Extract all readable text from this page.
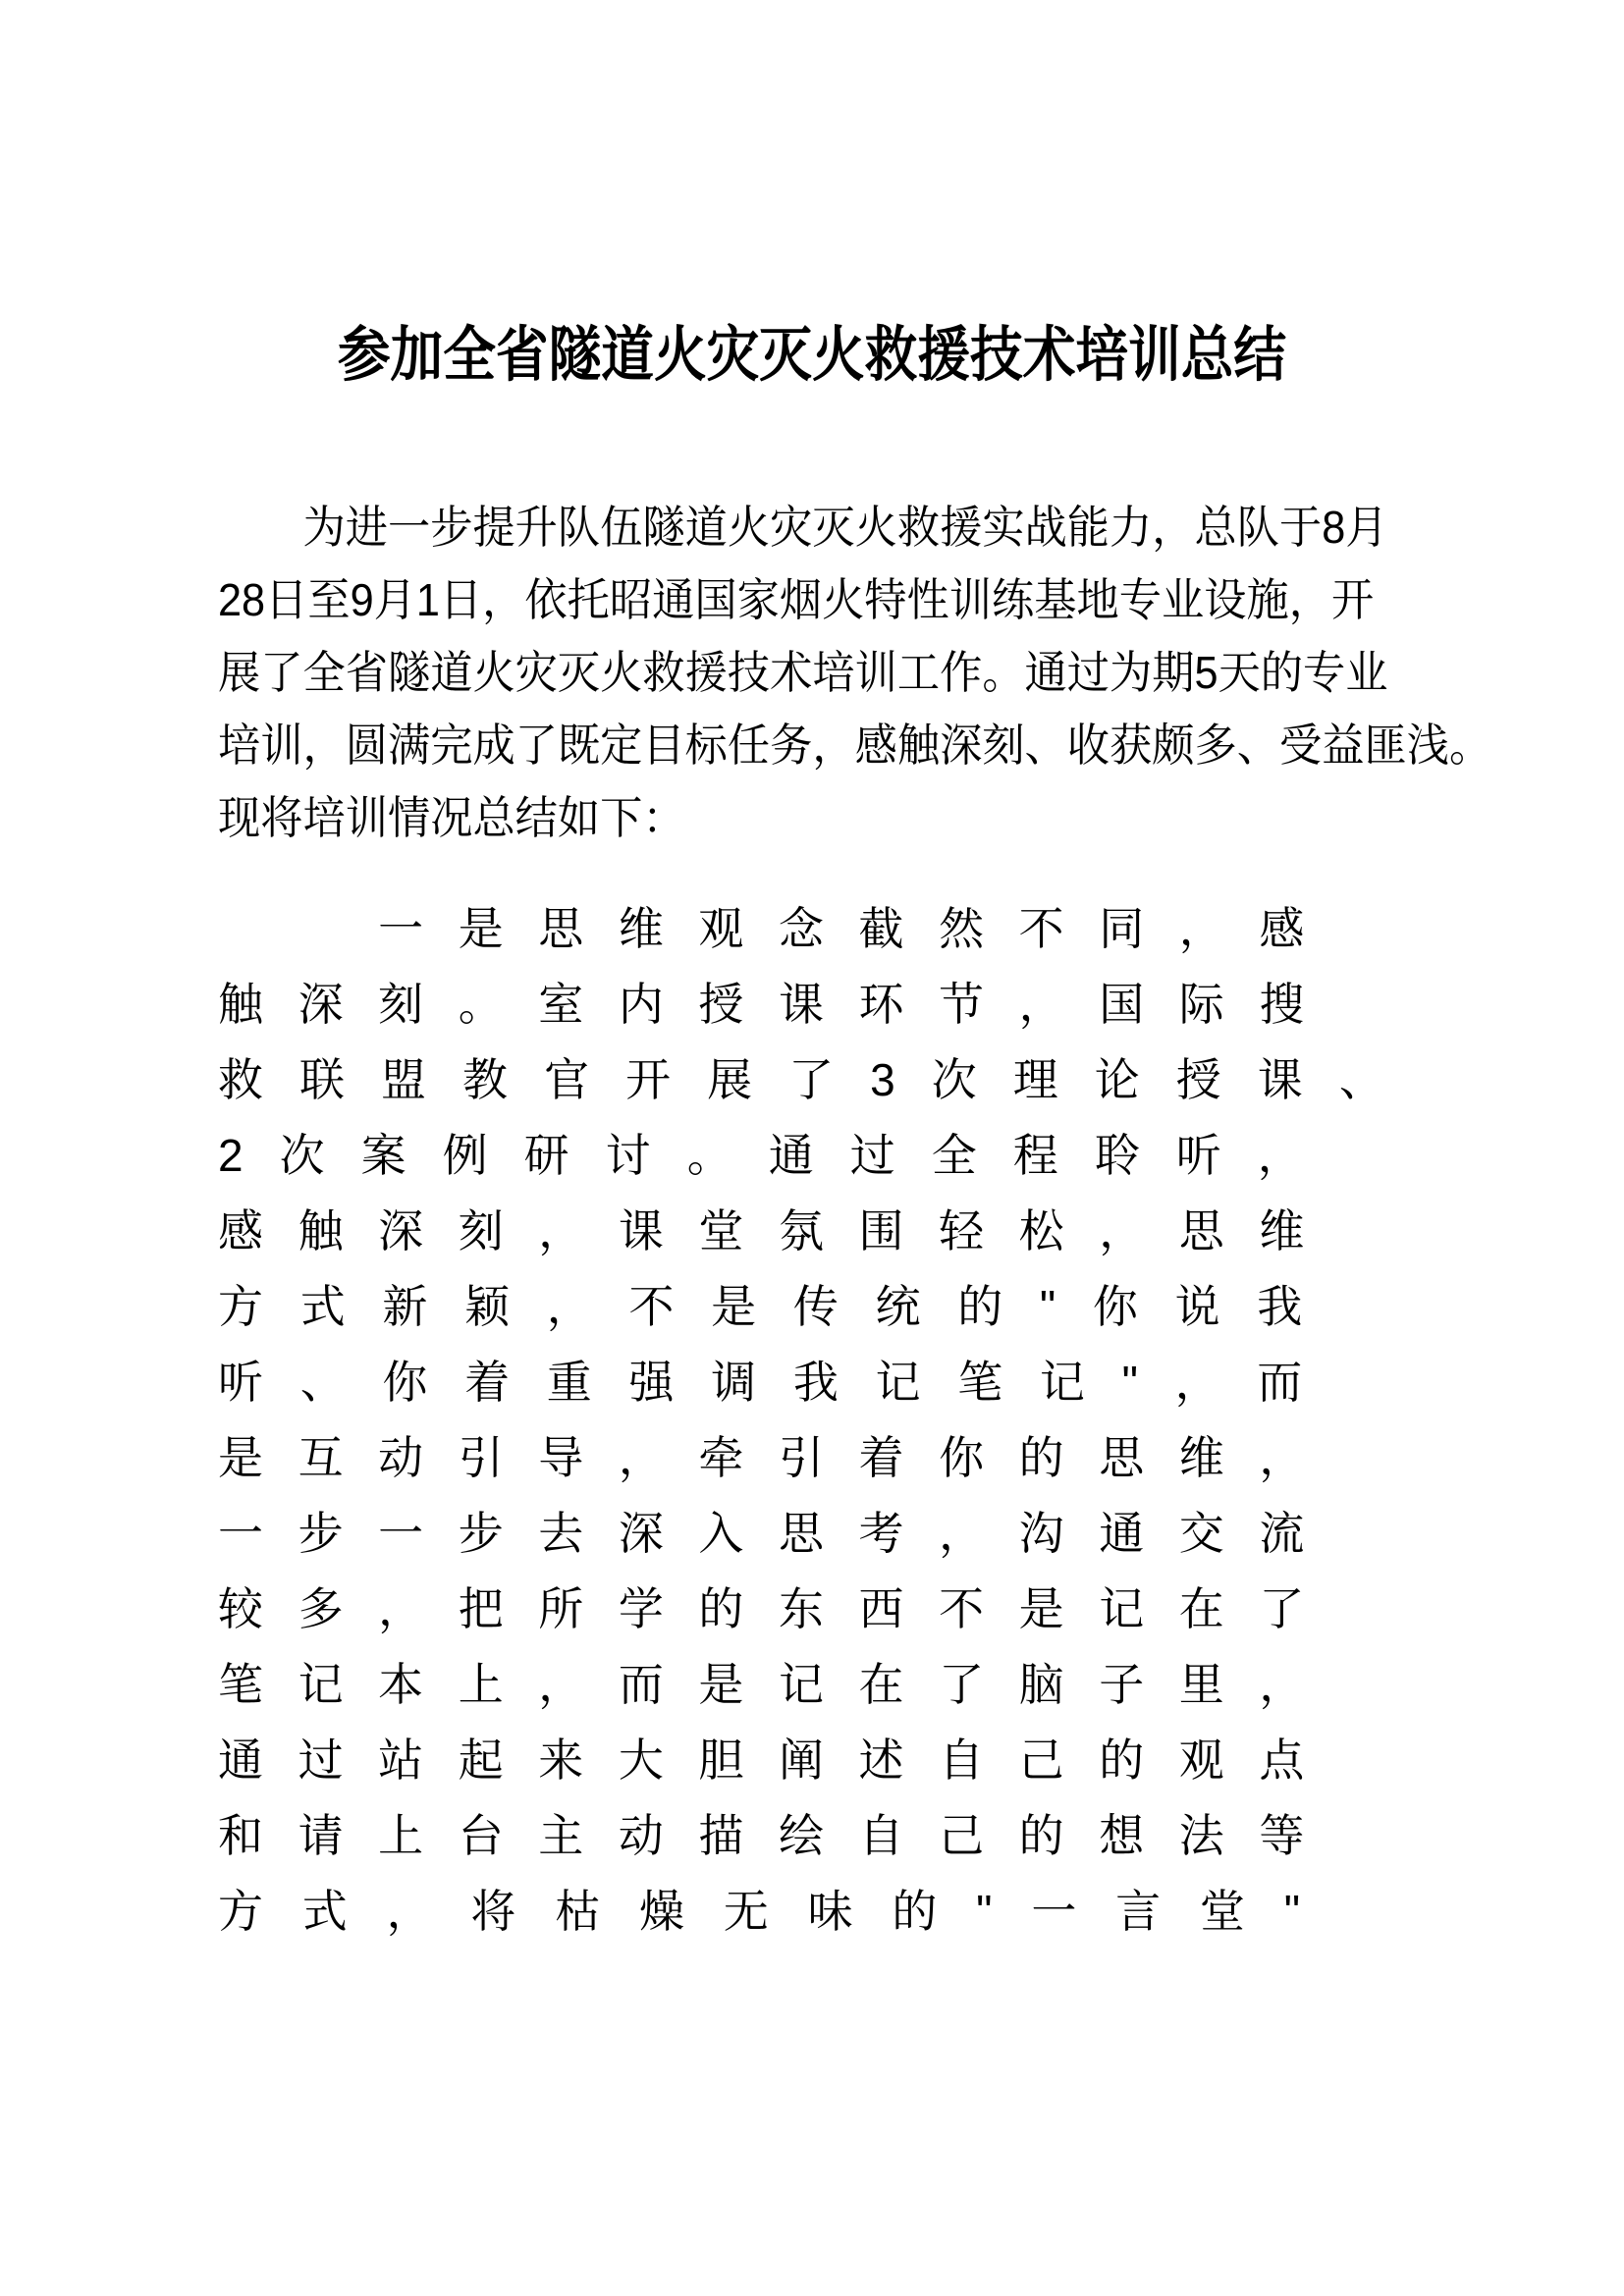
参加全省隧道火灾灭火救援技术培训总结
　　为进一步提升队伍隧道火灾灭火救援实战能力，总队于8月
28日至9月1日，依托昭通国家烟火特性训练基地专业设施，开
展了全省隧道火灾灭火救援技术培训工作。通过为期5天的专业
培训，圆满完成了既定目标任务，感触深刻、收获颇多、受益匪浅。
现将培训情况总结如下：

一 是 思 维 观 念 截 然 不 同 ， 感
触 深 刻 。 室 内 授 课 环 节 ， 国 际 搜
救 联 盟 教 官 开 展 了 3 次 理 论 授 课 、
2 次 案 例 研 讨 。 通 过 全 程 聆 听 ，
感 触 深 刻 ， 课 堂 氛 围 轻 松 ， 思 维
方 式 新 颖 ， 不 是 传 统 的 " 你 说 我
听 、 你 着 重 强 调 我 记 笔 记 " ， 而
是 互 动 引 导 ， 牵 引 着 你 的 思 维 ，
一 步 一 步 去 深 入 思 考 ， 沟 通 交 流
较 多 ， 把 所 学 的 东 西 不 是 记 在 了
笔 记 本 上 ， 而 是 记 在 了 脑 子 里 ，
通 过 站 起 来 大 胆 阐 述 自 己 的 观 点
和 请 上 台 主 动 描 绘 自 己 的 想 法 等
方 式 ， 将 枯 燥 无 味 的 " 一 言 堂 "
